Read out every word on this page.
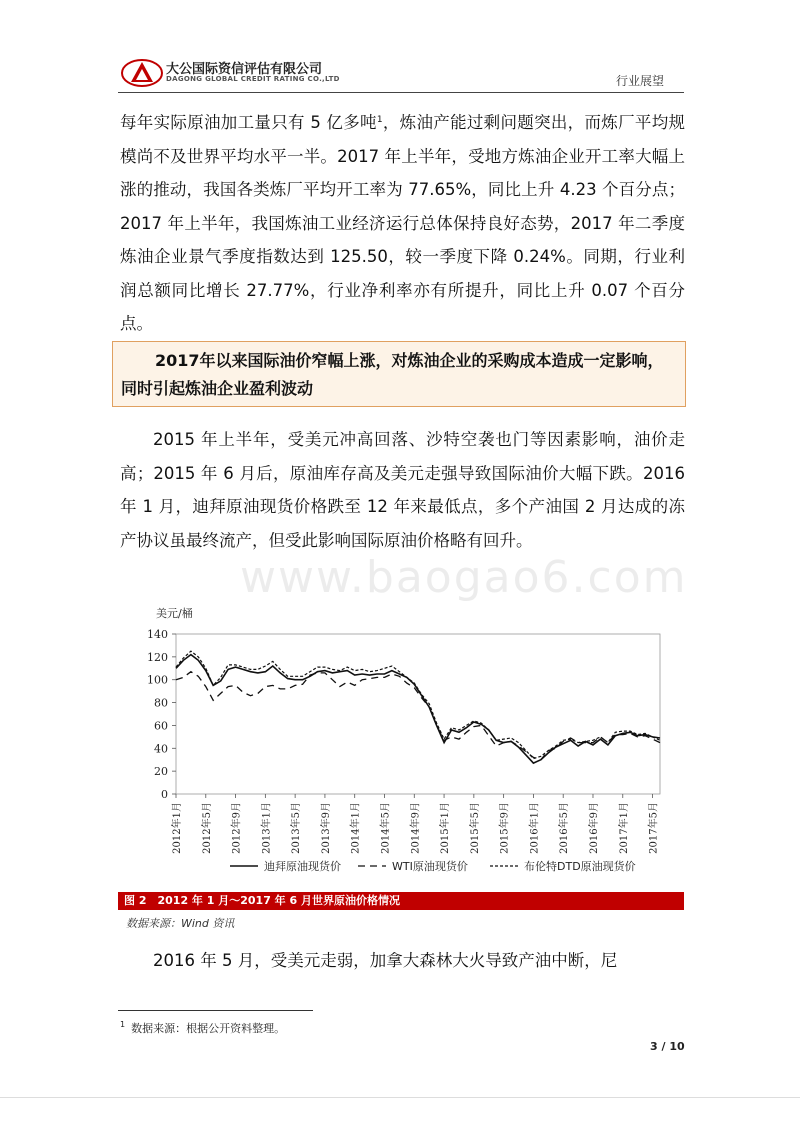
大公国际资信评估有限公司
DAGONG GLOBAL CREDIT RATING CO.,LTD	行业展望
www.baogao6.com

每年实际原油加工量只有 5 亿多吨$^1$，炼油产能过剩问题突出，而炼厂平均规模尚不及世界平均水平一半。2017 年上半年，受地方炼油企业开工率大幅上涨的推动，我国各类炼厂平均开工率为 77.65%，同比上升 4.23 个百分点；2017 年上半年，我国炼油工业经济运行总体保持良好态势，2017 年二季度炼油企业景气季度指数达到 125.50，较一季度下降 0.24%。同期，行业利润总额同比增长 27.77%，行业净利率亦有所提升，同比上升 0.07 个百分点。

2017年以来国际油价窄幅上涨，对炼油企业的采购成本造成一定影响，同时引起炼油企业盈利波动

2015 年上半年，受美元冲高回落、沙特空袭也门等因素影响，油价走高；2015 年 6 月后，原油库存高及美元走强导致国际油价大幅下跌。2016 年 1 月，迪拜原油现货价格跌至 12 年来最低点，多个产油国 2 月达成的冻产协议虽最终流产，但受此影响国际原油价格略有回升。

美元/桶
0
20
40
60
80
100
120
140
2012年1月 2012年5月 2012年9月 2013年1月 2013年5月 2013年9月 2014年1月 2014年5月 2014年9月 2015年1月 2015年5月 2015年9月 2016年1月 2016年5月 2016年9月 2017年1月 2017年5月
迪拜原油现货价	WTI原油现货价	布伦特DTD原油现货价
图 2　2012 年 1 月～2017 年 6 月世界原油价格情况
数据来源：Wind 资讯

2016 年 5 月，受美元走弱，加拿大森林大火导致产油中断，尼

$^1$ 数据来源：根据公开资料整理。
3 / 10
